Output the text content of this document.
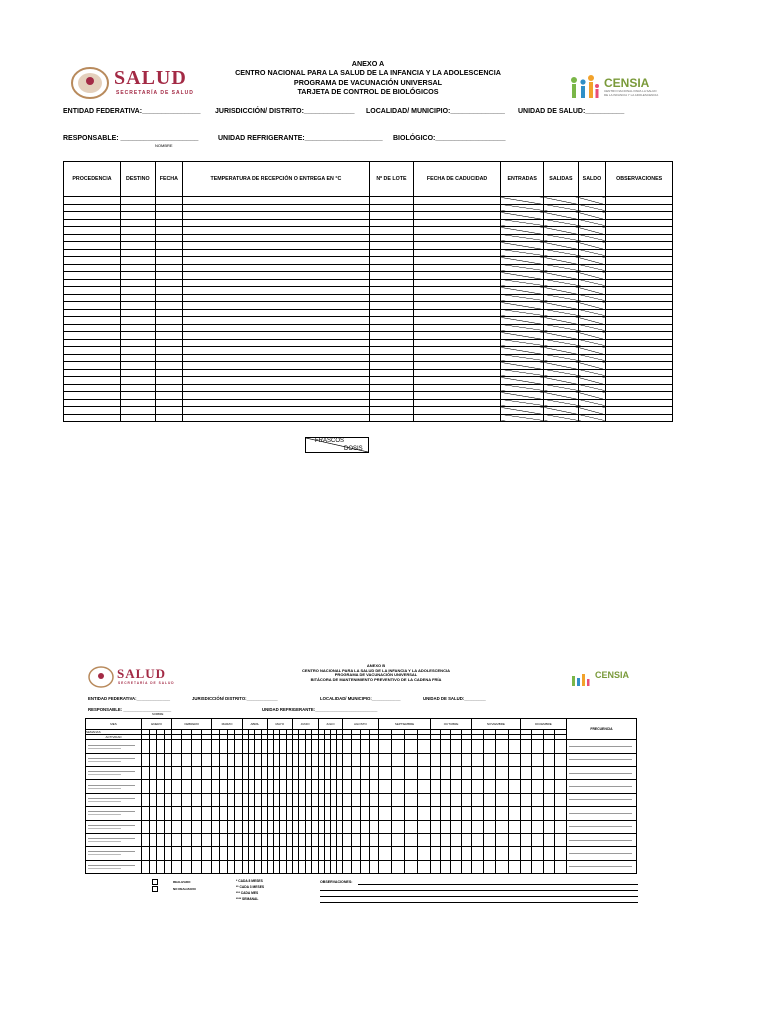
SALUD
SECRETARÍA DE SALUD
ANEXO A
CENTRO NACIONAL PARA LA SALUD DE LA INFANCIA Y LA ADOLESCENCIA
PROGRAMA DE VACUNACIÓN UNIVERSAL
TARJETA DE CONTROL DE BIOLÓGICOS
CENSIA
CENTRO NACIONAL PARA LA SALUD DE LA INFANCIA Y LA ADOLESCENCIA
ENTIDAD FEDERATIVA:_______________ JURISDICCIÓN/ DISTRITO:_____________ LOCALIDAD/ MUNICIPIO:______________ UNIDAD DE SALUD:__________
RESPONSABLE: ____________________	UNIDAD REFRIGERANTE:____________________ BIOLÓGICO:__________________
NOMBRE
PROCEDENCIA	DESTINO	FECHA	TEMPERATURA DE RECEPCIÓN O ENTREGA EN °C	Nº DE LOTE	FECHA DE CADUCIDAD	ENTRADAS	SALIDAS	SALDO	OBSERVACIONES

FRASCOS
DOSIS
SALUD
SECRETARÍA DE SALUD
ANEXO B
CENTRO NACIONAL PARA LA SALUD DE LA INFANCIA Y LA ADOLESCENCIA
PROGRAMA DE VACUNACIÓN UNIVERSAL
BITÁCORA DE MANTENIMIENTO PREVENTIVO DE LA CADENA FRÍA	CENSIA
ENTIDAD FEDERATIVA:______________	JURISDICCIÓN/ DISTRITO:_____________	LOCALIDAD/ MUNICIPIO:____________	UNIDAD DE SALUD:_________
RESPONSABLE: ____________________	UNIDAD REFRIGERANTE:__________________________
NOMBRE
MES	ENERO				FEBRERO				MARZO				ABRIL				MAYO				JUNIO				JULIO				AGOSTO				SEPTIEMBRE				OCTUBRE				NOVIEMBRE				DICIEMBRE				FRECUENCIA
SEMANAS																																																	
ACTIVIDAD																																																	

REALIZADO
NO REALIZADO
* CADA 8 MESES
** CADA 3 MESES
*** CADA MES
**** SEMANAL
OBSERVACIONES:
